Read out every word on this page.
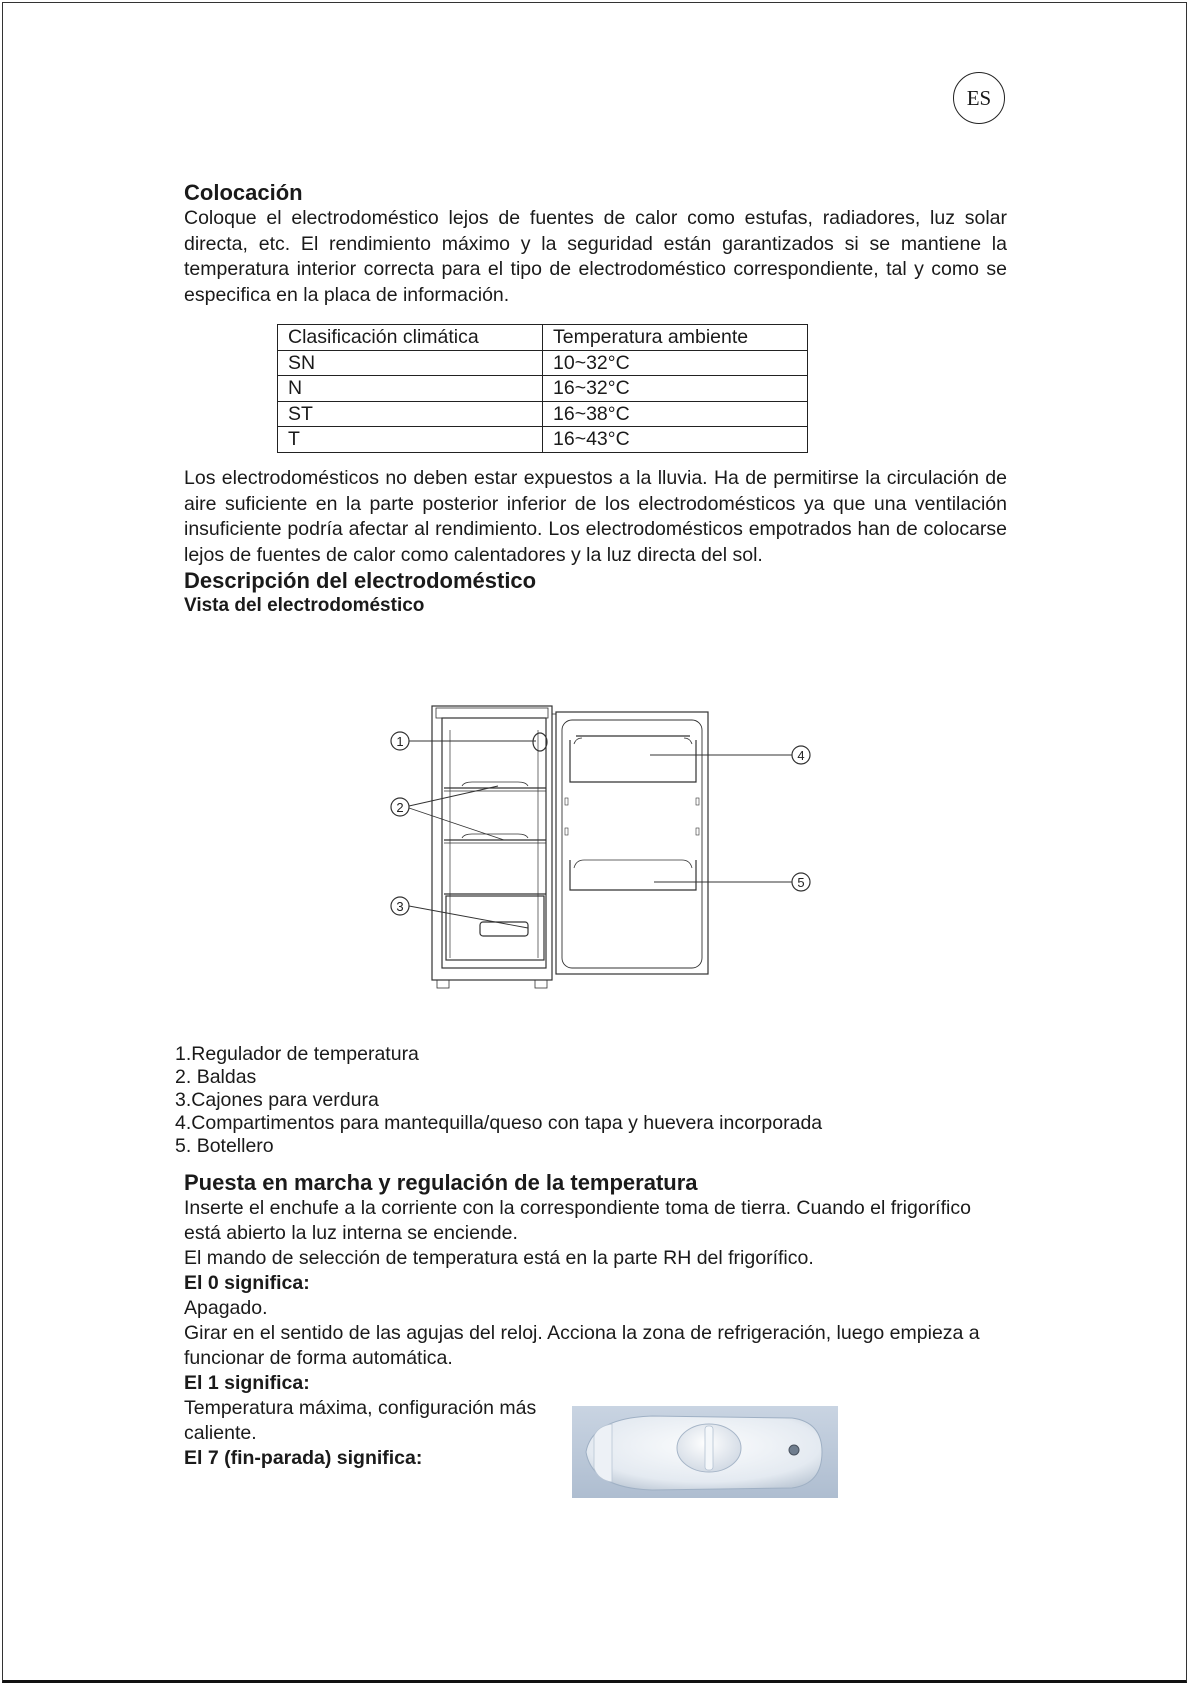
ES
Colocación

Coloque el electrodoméstico lejos de fuentes de calor como estufas, radiadores, luz solar directa, etc. El rendimiento máximo y la seguridad están garantizados si se mantiene la temperatura interior correcta para el tipo de electrodoméstico correspondiente, tal y como se especifica en la placa de información.

Clasificación climática	Temperatura ambiente
SN	10~32°C
N	16~32°C
ST	16~38°C
T	16~43°C

Los electrodomésticos no deben estar expuestos a la lluvia. Ha de permitirse la circulación de aire suficiente en la parte posterior inferior de los electrodomésticos ya que una ventilación insuficiente podría afectar al rendimiento. Los electrodomésticos empotrados han de colocarse lejos de fuentes de calor como calentadores y la luz directa del sol.

Descripción del electrodoméstico
Vista del electrodoméstico
1
2
3
4
5
1.Regulador de temperatura
2. Baldas
3.Cajones para verdura
4.Compartimentos para mantequilla/queso con tapa y huevera incorporada
5. Botellero
Puesta en marcha y regulación de la temperatura

Inserte el enchufe a la corriente con la correspondiente toma de tierra. Cuando el frigorífico está abierto la luz interna se enciende.

El mando de selección de temperatura está en la parte RH del frigorífico.

El 0 significa:

Apagado.

Girar en el sentido de las agujas del reloj. Acciona la zona de refrigeración, luego empieza a funcionar de forma automática.

El 1 significa:

Temperatura máxima, configuración más caliente.

El 7 (fin-parada) significa:
